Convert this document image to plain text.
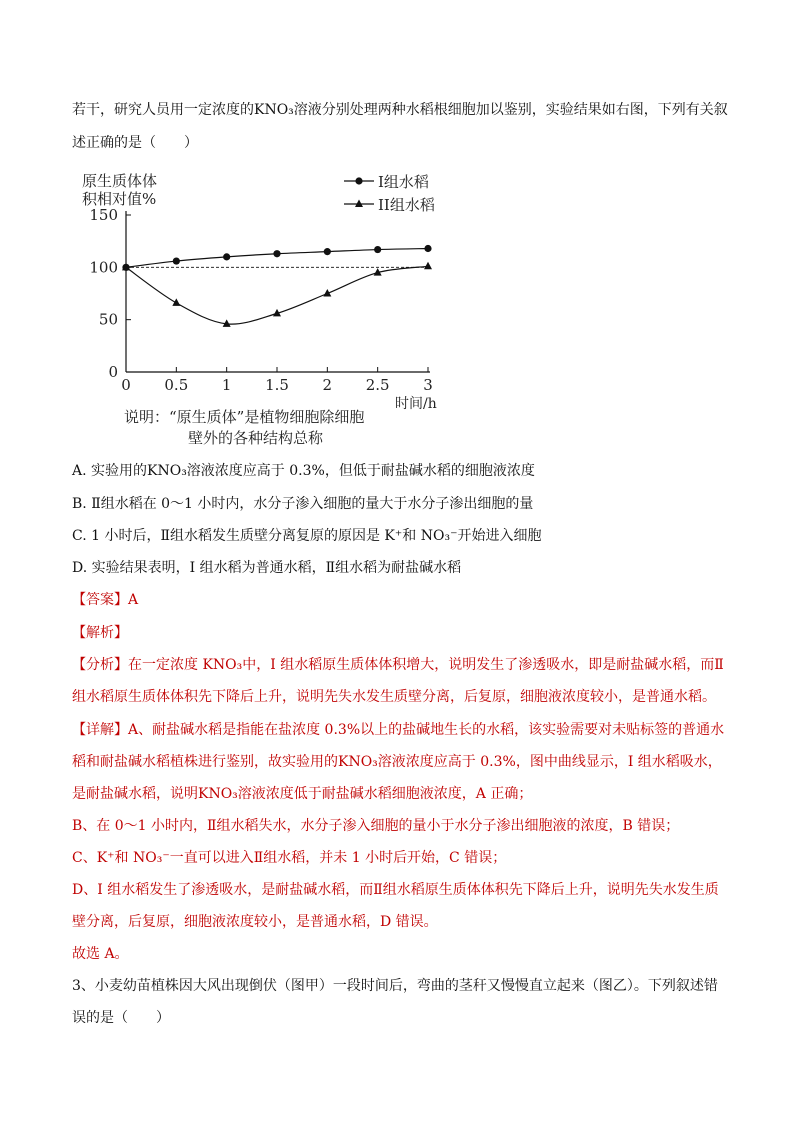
若干，研究人员用一定浓度的KNO₃溶液分别处理两种水稻根细胞加以鉴别，实验结果如右图，下列有关叙
述正确的是（　　）
原生质体体
积相对值%
0
50
100
150
0 0.5 1 1.5 2 2.5 3
I组水稻
II组水稻
时间/h
说明：“原生质体”是植物细胞除细胞
壁外的各种结构总称
A. 实验用的KNO₃溶液浓度应高于 0.3%，但低于耐盐碱水稻的细胞液浓度
B. Ⅱ组水稻在 0～1 小时内，水分子渗入细胞的量大于水分子渗出细胞的量
C. 1 小时后，Ⅱ组水稻发生质壁分离复原的原因是 K⁺和 NO₃⁻开始进入细胞
D. 实验结果表明，I 组水稻为普通水稻，Ⅱ组水稻为耐盐碱水稻
【答案】A
【解析】
【分析】在一定浓度 KNO₃中，I 组水稻原生质体体积增大，说明发生了渗透吸水，即是耐盐碱水稻，而Ⅱ
组水稻原生质体体积先下降后上升，说明先失水发生质壁分离，后复原，细胞液浓度较小，是普通水稻。
【详解】A、耐盐碱水稻是指能在盐浓度 0.3%以上的盐碱地生长的水稻，该实验需要对未贴标签的普通水
稻和耐盐碱水稻植株进行鉴别，故实验用的KNO₃溶液浓度应高于 0.3%，图中曲线显示，I 组水稻吸水，
是耐盐碱水稻，说明KNO₃溶液浓度低于耐盐碱水稻细胞液浓度，A 正确；
B、在 0～1 小时内，Ⅱ组水稻失水，水分子渗入细胞的量小于水分子渗出细胞液的浓度，B 错误；
C、K⁺和 NO₃⁻一直可以进入Ⅱ组水稻，并未 1 小时后开始，C 错误；
D、I 组水稻发生了渗透吸水，是耐盐碱水稻，而Ⅱ组水稻原生质体体积先下降后上升，说明先失水发生质
壁分离，后复原，细胞液浓度较小，是普通水稻，D 错误。
故选 A。
3、小麦幼苗植株因大风出现倒伏（图甲）一段时间后，弯曲的茎秆又慢慢直立起来（图乙）。下列叙述错
误的是（　　）
